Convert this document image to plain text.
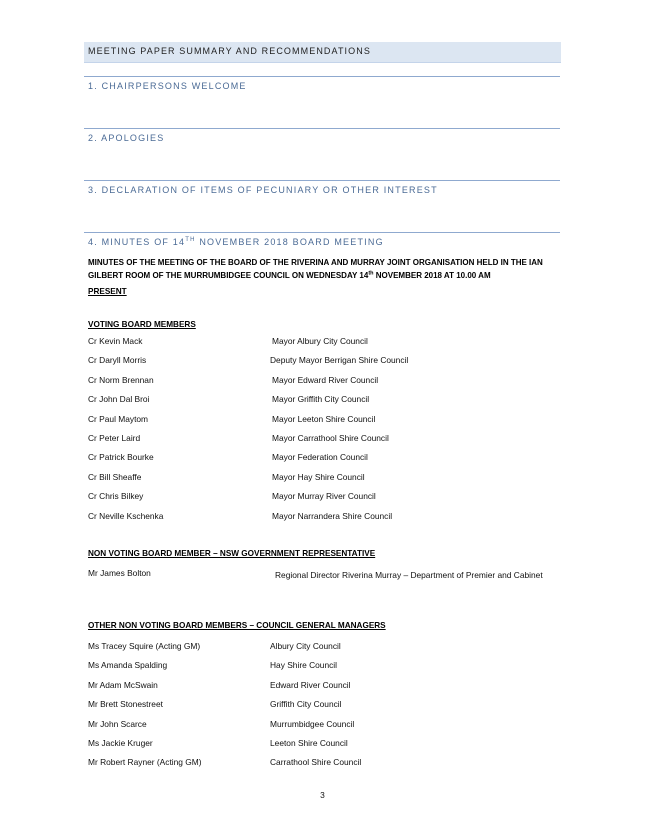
MEETING PAPER SUMMARY AND RECOMMENDATIONS
1. CHAIRPERSONS WELCOME
2. APOLOGIES
3. DECLARATION OF ITEMS OF PECUNIARY OR OTHER INTEREST
4. MINUTES OF 14TH NOVEMBER 2018 BOARD MEETING
MINUTES OF THE MEETING OF THE BOARD OF THE RIVERINA AND MURRAY JOINT ORGANISATION HELD IN THE IAN GILBERT ROOM OF THE MURRUMBIDGEE COUNCIL ON WEDNESDAY 14th NOVEMBER 2018 AT 10.00 AM
PRESENT
VOTING BOARD MEMBERS
Cr Kevin Mack	Mayor Albury City Council
Cr Daryll Morris	Deputy Mayor Berrigan Shire Council
Cr Norm Brennan	Mayor Edward River Council
Cr John Dal Broi	Mayor Griffith City Council
Cr Paul Maytom	Mayor Leeton Shire Council
Cr Peter Laird	Mayor Carrathool Shire Council
Cr Patrick Bourke	Mayor Federation Council
Cr Bill Sheaffe	Mayor Hay Shire Council
Cr Chris Bilkey	Mayor Murray River Council
Cr Neville Kschenka	Mayor Narrandera Shire Council
NON VOTING BOARD MEMBER – NSW GOVERNMENT REPRESENTATIVE
Mr James Bolton	Regional Director Riverina Murray – Department of Premier and Cabinet
OTHER NON VOTING BOARD MEMBERS – COUNCIL GENERAL MANAGERS
Ms Tracey Squire (Acting GM)	Albury City Council
Ms Amanda Spalding	Hay Shire Council
Mr Adam McSwain	Edward River Council
Mr Brett Stonestreet	Griffith City Council
Mr John Scarce	Murrumbidgee Council
Ms Jackie Kruger	Leeton Shire Council
Mr Robert Rayner (Acting GM)	Carrathool Shire Council
3
